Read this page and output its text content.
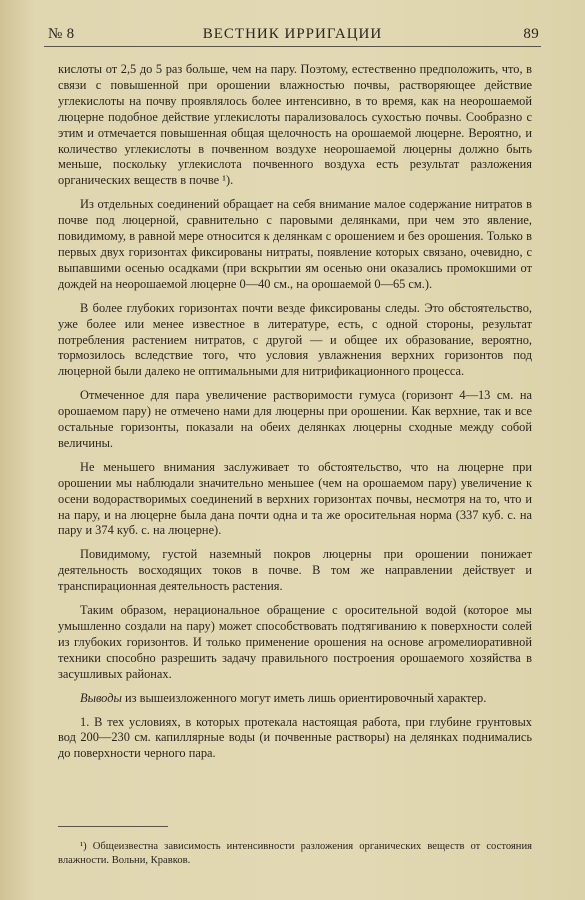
№ 8	ВЕСТНИК ИРРИГАЦИИ	89

кислоты от 2,5 до 5 раз больше, чем на пару. Поэтому, естественно предположить, что, в связи с повышенной при орошении влажностью почвы, растворяющее действие углекислоты на почву проявлялось более интенсивно, в то время, как на неорошаемой люцерне подобное действие углекислоты парализовалось сухостью почвы. Сообразно с этим и отмечается повышенная общая щелочность на орошаемой люцерне. Вероятно, и количество углекислоты в почвенном воздухе неорошаемой люцерны должно быть меньше, поскольку углекислота почвенного воздуха есть результат разложения органических веществ в почве ¹).

Из отдельных соединений обращает на себя внимание малое содержание нитратов в почве под люцерной, сравнительно с паровыми делянками, при чем это явление, повидимому, в равной мере относится к делянкам с орошением и без орошения. Только в первых двух горизонтах фиксированы нитраты, появление которых связано, очевидно, с выпавшими осенью осадками (при вскрытии ям осенью они оказались промокшими от дождей на неорошаемой люцерне 0—40 см., на орошаемой 0—65 см.).

В более глубоких горизонтах почти везде фиксированы следы. Это обстоятельство, уже более или менее известное в литературе, есть, с одной стороны, результат потребления растением нитратов, с другой — и общее их образование, вероятно, тормозилось вследствие того, что условия увлажнения верхних горизонтов под люцерной были далеко не оптимальными для нитрификационного процесса.

Отмеченное для пара увеличение растворимости гумуса (горизонт 4—13 см. на орошаемом пару) не отмечено нами для люцерны при орошении. Как верхние, так и все остальные горизонты, показали на обеих делянках люцерны сходные между собой величины.

Не меньшего внимания заслуживает то обстоятельство, что на люцерне при орошении мы наблюдали значительно меньшее (чем на орошаемом пару) увеличение к осени водорастворимых соединений в верхних горизонтах почвы, несмотря на то, что и на пару, и на люцерне была дана почти одна и та же оросительная норма (337 куб. с. на пару и 374 куб. с. на люцерне).

Повидимому, густой наземный покров люцерны при орошении понижает деятельность восходящих токов в почве. В том же направлении действует и транспирационная деятельность растения.

Таким образом, нерациональное обращение с оросительной водой (которое мы умышленно создали на пару) может способствовать подтягиванию к поверхности солей из глубоких горизонтов. И только применение орошения на основе агромелиоративной техники способно разрешить задачу правильного построения орошаемого хозяйства в засушливых районах.

Выводы из вышеизложенного могут иметь лишь ориентировочный характер.

1. В тех условиях, в которых протекала настоящая работа, при глубине грунтовых вод 200—230 см. капиллярные воды (и почвенные растворы) на делянках поднимались до поверхности черного пара.

¹) Общеизвестна зависимость интенсивности разложения органических веществ от состояния влажности. Вольни, Кравков.
